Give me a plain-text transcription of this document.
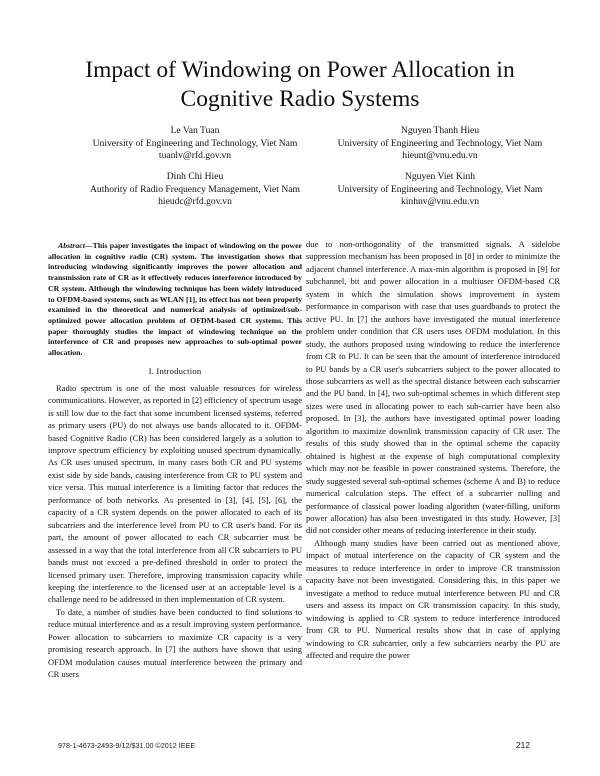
Impact of Windowing on Power Allocation in
Cognitive Radio Systems
Le Van Tuan
University of Engineering and Technology, Viet Nam
tuanlv@rfd.gov.vn
Nguyen Thanh Hieu
University of Engineering and Technology, Viet Nam
hieunt@vnu.edu.vn
Dinh Chi Hieu
Authority of Radio Frequency Management, Viet Nam
hieudc@rfd.gov.vn
Nguyen Viet Kinh
University of Engineering and Technology, Viet Nam
kinhnv@vnu.edu.vn

Abstract—This paper investigates the impact of windowing on the power allocation in cognitive radio (CR) system. The investigation shows that introducing windowing significantly improves the power allocation and transmission rate of CR as it effectively reduces interference introduced by CR system. Although the windowing technique has been widely introduced to OFDM-based systems, such as WLAN [1], its effect has not been properly examined in the theoretical and numerical analysis of optimized/sub-optimized power allocation problem of OFDM-based CR systems. This paper thoroughly studies the impact of windowing technique on the interference of CR and proposes new approaches to sub-optimal power allocation.

I. Introduction

Radio spectrum is one of the most valuable resources for wireless communications. However, as reported in [2] efficiency of spectrum usage is still low due to the fact that some incumbent licensed systems, referred as primary users (PU) do not always use bands allocated to it. OFDM-based Cognitive Radio (CR) has been considered largely as a solution to improve spectrum efficiency by exploiting unused spectrum dynamically. As CR uses unused spectrum, in many cases both CR and PU systems exist side by side bands, causing interference from CR to PU system and vice versa. This mutual interference is a limiting factor that reduces the performance of both networks. As presented in [3], [4], [5], [6], the capacity of a CR system depends on the power allocated to each of its subcarriers and the interference level from PU to CR user's band. For its part, the amount of power allocated to each CR subcarrier must be assessed in a way that the total interference from all CR subcarriers to PU bands must not exceed a pre-defined threshold in order to protect the licensed primary user. Therefore, improving transmission capacity while keeping the interference to the licensed user at an acceptable level is a challenge need to be addressed in then implementation of CR system.

To date, a number of studies have been conducted to find solutions to reduce mutual interference and as a result improving system performance. Power allocation to subcarriers to maximize CR capacity is a very promising research approach. In [7] the authors have shown that using OFDM modulation causes mutual interference between the primary and CR users

due to non-orthogonality of the transmitted signals. A sidelobe suppression mechanism has been proposed in [8] in order to minimize the adjacent channel interference. A max-min algorithm is proposed in [9] for subchannel, bit and power allocation in a multiuser OFDM-based CR system in which the simulation shows improvement in system performance in comparison with case that uses guardbands to protect the active PU. In [7] the authors have investigated the mutual interference problem under condition that CR users uses OFDM modulation. In this study, the authors proposed using windowing to reduce the interference from CR to PU. It can be seen that the amount of interference introduced to PU bands by a CR user's subcarriers subject to the power allocated to those subcarriers as well as the spectral distance between each subscarrier and the PU band. In [4], two sub-optimal schemes in which different step sizes were used in allocating power to each sub-carrier have been also proposed. In [3], the authors have investigated optimal power loading algorithm to maximize downlink transmission capacity of CR user. The results of this study showed that in the optimal scheme the capacity obtained is highest at the expense of high computational complexity which may not be feasible in power constrained systems. Therefore, the study suggested several sub-optimal schemes (scheme A and B) to reduce numerical calculation steps. The effect of a subcarrier nulling and performance of classical power loading algorithm (water-filling, uniform power allocation) has also been investigated in this study. However, [3] did not consider other means of reducing interference in their study.

Although many studies have been carried out as mentioned above, impact of mutual interference on the capacity of CR system and the measures to reduce interference in order to improve CR transmission capacity have not been investigated. Considering this, in this paper we investigate a method to reduce mutual interference between PU and CR users and assess its impact on CR transmission capacity. In this study, windowing is applied to CR system to reduce interference introduced from CR to PU. Numerical results show that in case of applying windowing to CR subcarrier, only a few subcarriers nearby the PU are affected and require the power

978-1-4673-2493-9/12/$31.00 ©2012 IEEE	212
